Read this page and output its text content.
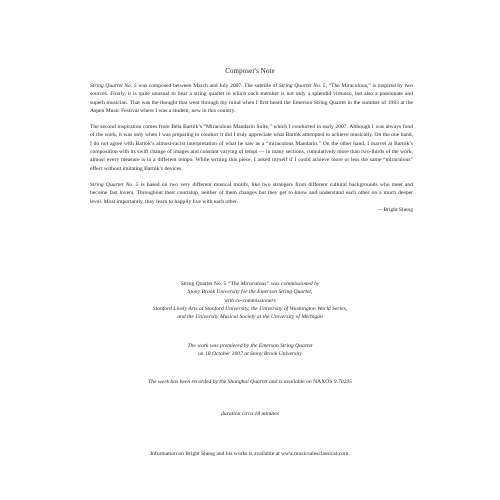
Composer's Note

String Quartet No. 5 was composed between March and July 2007. The subtitle of String Quartet No. 5, “The Miraculous,” is inspired by two sources. Firstly, it is quite unusual to hear a string quartet in which each member is not only a splendid virtuoso, but also a passionate and superb musician. That was the thought that went through my mind when I first heard the Emerson String Quartet in the summer of 1983 at the Aspen Music Festival where I was a student, new in this country.

The second inspiration comes from Béla Bartók’s “Miraculous Mandarin Suite,” which I conducted in early 2007. Although I was always fond of the work, it was only when I was preparing to conduct it did I truly appreciate what Bartók attempted to achieve musically. On the one hand, I do not agree with Bartók’s almost-racist interpretation of what he saw as a “miraculous Mandarin.” On the other hand, I marvel at Bartók’s composition with its swift change of images and constant varying of tempi — in many sections, cumulatively more than two-thirds of the work, almost every measure is in a different tempo. While writing this piece, I asked myself if I could achieve more or less the same “miraculous” effect without imitating Bartók’s devices.

String Quartet No. 5 is based on two very different musical motifs, like two strangers from different cultural backgrounds who meet and become fast lovers. Throughout their courtship, neither of them changes but they get to know and understand each other on a much deeper level. Most importantly, they learn to happily live with each other.

—Bright Sheng
String Quartet No. 5 “The Miraculous” was commissioned by
Stony Brook University for the Emerson String Quartet,
with co-commissioners
Stanford Lively Arts at Stanford University, the University of Washington World Series,
and the University Musical Society at the University of Michigan
The work was premiered by the Emerson String Quartet
on 18 October 2007 at Stony Brook University
The work has been recorded by the Shanghai Quartet and is available on NAXOS 9.70235
duration circa 18 minutes
Information on Bright Sheng and his works is available at www.musicsalesclassical.com.
